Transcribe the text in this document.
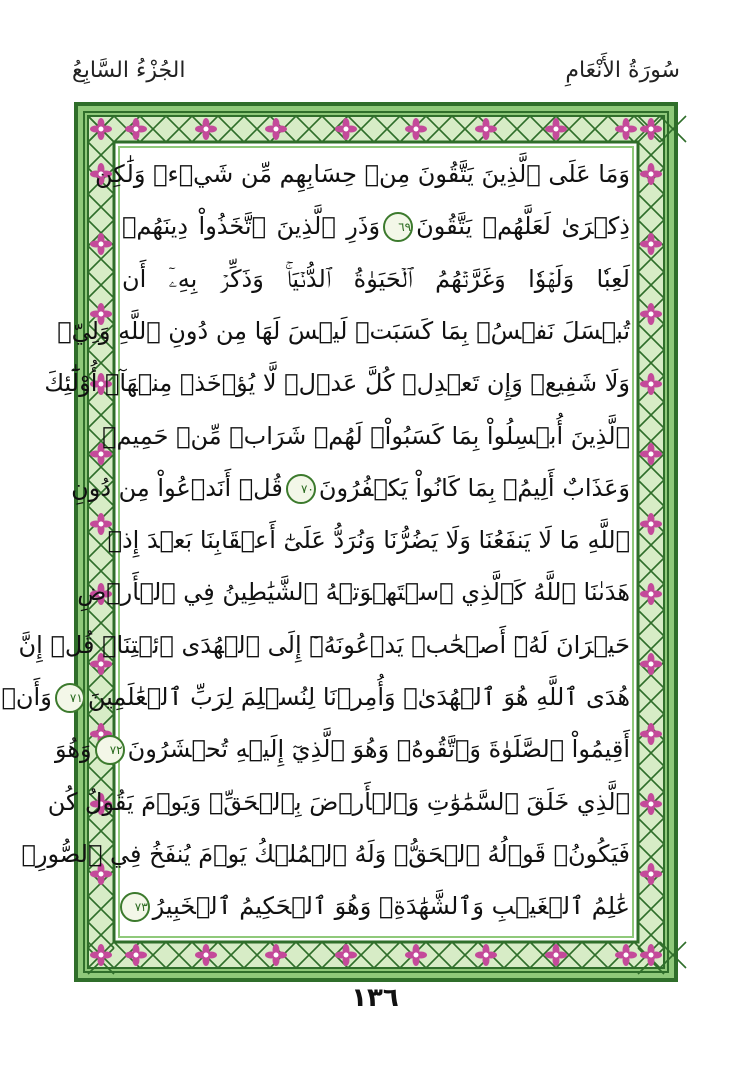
الجُزْءُ السَّابِعُ	سُورَةُ الأَنْعَامِ
وَمَا عَلَى ٱلَّذِينَ يَتَّقُونَ مِنۡ حِسَابِهِم مِّن شَيۡءٖ وَلَٰكِن
ذِكۡرَىٰ لَعَلَّهُمۡ يَتَّقُونَ٦٩وَذَرِ ٱلَّذِينَ ٱتَّخَذُواْ دِينَهُمۡ
لَعِبٗا وَلَهۡوٗا وَغَرَّتۡهُمُ ٱلۡحَيَوٰةُ ٱلدُّنۡيَاۚ وَذَكِّرۡ بِهِۦٓ أَن
تُبۡسَلَ نَفۡسُۢ بِمَا كَسَبَتۡ لَيۡسَ لَهَا مِن دُونِ ٱللَّهِ وَلِيّٞ
وَلَا شَفِيعٞ وَإِن تَعۡدِلۡ كُلَّ عَدۡلٖ لَّا يُؤۡخَذۡ مِنۡهَآۗ أُوْلَٰٓئِكَ
ٱلَّذِينَ أُبۡسِلُواْ بِمَا كَسَبُواْۖ لَهُمۡ شَرَابٞ مِّنۡ حَمِيمٖ
وَعَذَابٌ أَلِيمُۢ بِمَا كَانُواْ يَكۡفُرُونَ٧٠قُلۡ أَنَدۡعُواْ مِن دُونِ
ٱللَّهِ مَا لَا يَنفَعُنَا وَلَا يَضُرُّنَا وَنُرَدُّ عَلَىٰٓ أَعۡقَابِنَا بَعۡدَ إِذۡ
هَدَىٰنَا ٱللَّهُ كَٱلَّذِي ٱسۡتَهۡوَتۡهُ ٱلشَّيَٰطِينُ فِي ٱلۡأَرۡضِ
حَيۡرَانَ لَهُۥٓ أَصۡحَٰبٞ يَدۡعُونَهُۥٓ إِلَى ٱلۡهُدَى ٱئۡتِنَاۗ قُلۡ إِنَّ
هُدَى ٱللَّهِ هُوَ ٱلۡهُدَىٰۖ وَأُمِرۡنَا لِنُسۡلِمَ لِرَبِّ ٱلۡعَٰلَمِينَ٧١وَأَنۡ
أَقِيمُواْ ٱلصَّلَوٰةَ وَٱتَّقُوهُۚ وَهُوَ ٱلَّذِيٓ إِلَيۡهِ تُحۡشَرُونَ٧٢وَهُوَ
ٱلَّذِي خَلَقَ ٱلسَّمَٰوَٰتِ وَٱلۡأَرۡضَ بِٱلۡحَقِّۖ وَيَوۡمَ يَقُولُ كُن
فَيَكُونُۚ قَوۡلُهُ ٱلۡحَقُّۚ وَلَهُ ٱلۡمُلۡكُ يَوۡمَ يُنفَخُ فِي ٱلصُّورِۚ
عَٰلِمُ ٱلۡغَيۡبِ وَٱلشَّهَٰدَةِۚ وَهُوَ ٱلۡحَكِيمُ ٱلۡخَبِيرُ٧٣
١٣٦
